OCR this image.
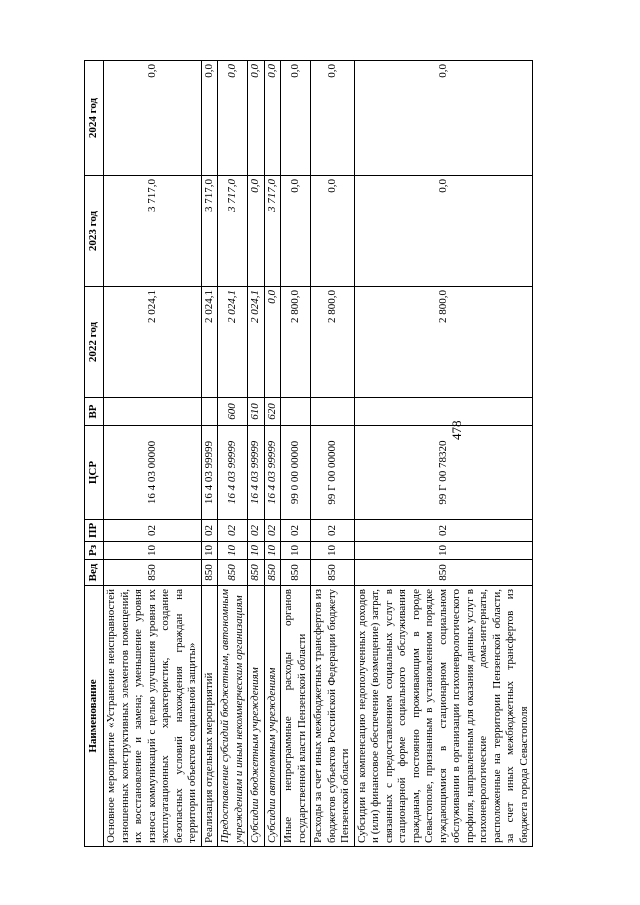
478
Наименование	Вед	Рз	ПР	ЦСР	ВР	2022 год	2023 год	2024 год
Основное мероприятие «Устранение неисправностей изношенных конструктивных элементов помещений, их восстановление и замена; уменьшение уровня износа коммуникаций с целью улучшения уровня их эксплуатационных характеристик, создание безопасных условий нахождения граждан на территории объектов социальной защиты»	850	10	02	16 4 03 00000		2 024,1	3 717,0	0,0
Реализация отдельных мероприятий	850	10	02	16 4 03 99999		2 024,1	3 717,0	0,0
Предоставление субсидий бюджетным, автономным учреждениям и иным некоммерческим организациям	850	10	02	16 4 03 99999	600	2 024,1	3 717,0	0,0
Субсидии бюджетным учреждениям	850	10	02	16 4 03 99999	610	2 024,1	0,0	0,0
Субсидии автономным учреждениям	850	10	02	16 4 03 99999	620	0,0	3 717,0	0,0
Иные непрограммные расходы органов государственной власти Пензенской области	850	10	02	99 0 00 00000		2 800,0	0,0	0,0
Расходы за счет иных межбюджетных трансфертов из бюджетов субъектов Российской Федерации бюджету Пензенской области	850	10	02	99 Г 00 00000		2 800,0	0,0	0,0
Субсидии на компенсацию недополученных доходов и (или) финансовое обеспечение (возмещение) затрат, связанных с предоставлением социальных услуг в стационарной форме социального обслуживания гражданам, постоянно проживающим в городе Севастополе, признанным в установленном порядке нуждающимися в стационарном социальном обслуживании в организации психоневрологического профиля, направленным для оказания данных услуг в психоневрологические дома-интернаты, расположенные на территории Пензенской области, за счет иных межбюджетных трансфертов из бюджета города Севастополя	850	10	02	99 Г 00 78320		2 800,0	0,0	0,0
